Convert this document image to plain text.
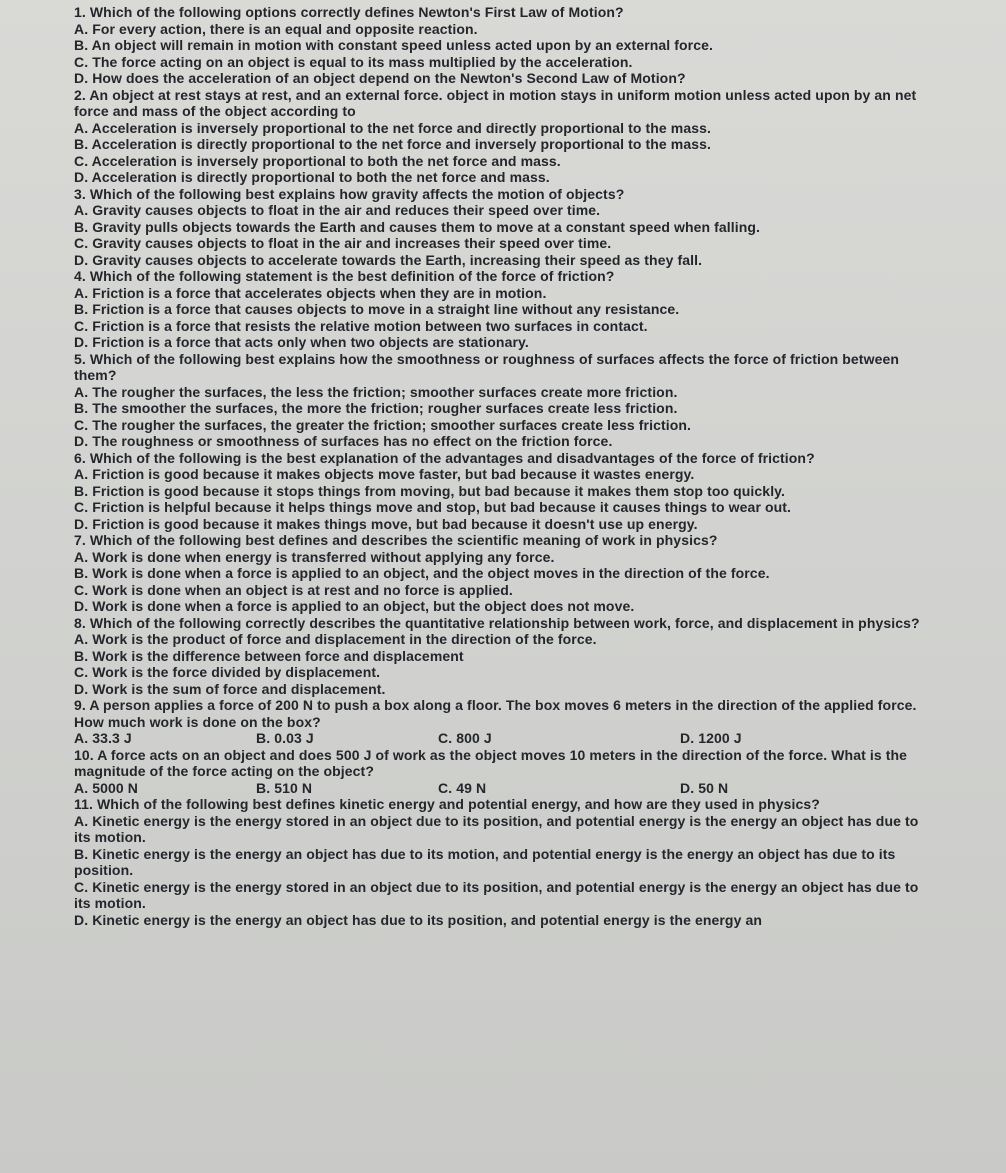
1. Which of the following options correctly defines Newton's First Law of Motion?

A. For every action, there is an equal and opposite reaction.
B. An object will remain in motion with constant speed unless acted upon by an external force.
C. The force acting on an object is equal to its mass multiplied by the acceleration.
D. How does the acceleration of an object depend on the Newton's Second Law of Motion?

2. An object at rest stays at rest, and an external force. object in motion stays in uniform motion unless acted upon by an net force and mass of the object according to

A. Acceleration is inversely proportional to the net force and directly proportional to the mass.
B. Acceleration is directly proportional to the net force and inversely proportional to the mass.
C. Acceleration is inversely proportional to both the net force and mass.
D. Acceleration is directly proportional to both the net force and mass.

3. Which of the following best explains how gravity affects the motion of objects?

A. Gravity causes objects to float in the air and reduces their speed over time.
B. Gravity pulls objects towards the Earth and causes them to move at a constant speed when falling.
C. Gravity causes objects to float in the air and increases their speed over time.
D. Gravity causes objects to accelerate towards the Earth, increasing their speed as they fall.

4. Which of the following statement is the best definition of the force of friction?

A. Friction is a force that accelerates objects when they are in motion.
B. Friction is a force that causes objects to move in a straight line without any resistance.
C. Friction is a force that resists the relative motion between two surfaces in contact.
D. Friction is a force that acts only when two objects are stationary.

5. Which of the following best explains how the smoothness or roughness of surfaces affects the force of friction between them?

A. The rougher the surfaces, the less the friction; smoother surfaces create more friction.
B. The smoother the surfaces, the more the friction; rougher surfaces create less friction.
C. The rougher the surfaces, the greater the friction; smoother surfaces create less friction.
D. The roughness or smoothness of surfaces has no effect on the friction force.

6. Which of the following is the best explanation of the advantages and disadvantages of the force of friction?

A. Friction is good because it makes objects move faster, but bad because it wastes energy.
B. Friction is good because it stops things from moving, but bad because it makes them stop too quickly.
C. Friction is helpful because it helps things move and stop, but bad because it causes things to wear out.
D. Friction is good because it makes things move, but bad because it doesn't use up energy.

7. Which of the following best defines and describes the scientific meaning of work in physics?

A. Work is done when energy is transferred without applying any force.
B. Work is done when a force is applied to an object, and the object moves in the direction of the force.
C. Work is done when an object is at rest and no force is applied.
D. Work is done when a force is applied to an object, but the object does not move.

8. Which of the following correctly describes the quantitative relationship between work, force, and displacement in physics?

A. Work is the product of force and displacement in the direction of the force.
B. Work is the difference between force and displacement
C. Work is the force divided by displacement.
D. Work is the sum of force and displacement.

9. A person applies a force of 200 N to push a box along a floor. The box moves 6 meters in the direction of the applied force. How much work is done on the box?

A. 33.3 J	B. 0.03 J	C. 800 J	D. 1200 J

10. A force acts on an object and does 500 J of work as the object moves 10 meters in the direction of the force. What is the magnitude of the force acting on the object?

A. 5000 N	B. 510 N	C. 49 N	D. 50 N

11. Which of the following best defines kinetic energy and potential energy, and how are they used in physics?

A. Kinetic energy is the energy stored in an object due to its position, and potential energy is the energy an object has due to its motion.
B. Kinetic energy is the energy an object has due to its motion, and potential energy is the energy an object has due to its position.
C. Kinetic energy is the energy stored in an object due to its position, and potential energy is the energy an object has due to its motion.
D. Kinetic energy is the energy an object has due to its position, and potential energy is the energy an
